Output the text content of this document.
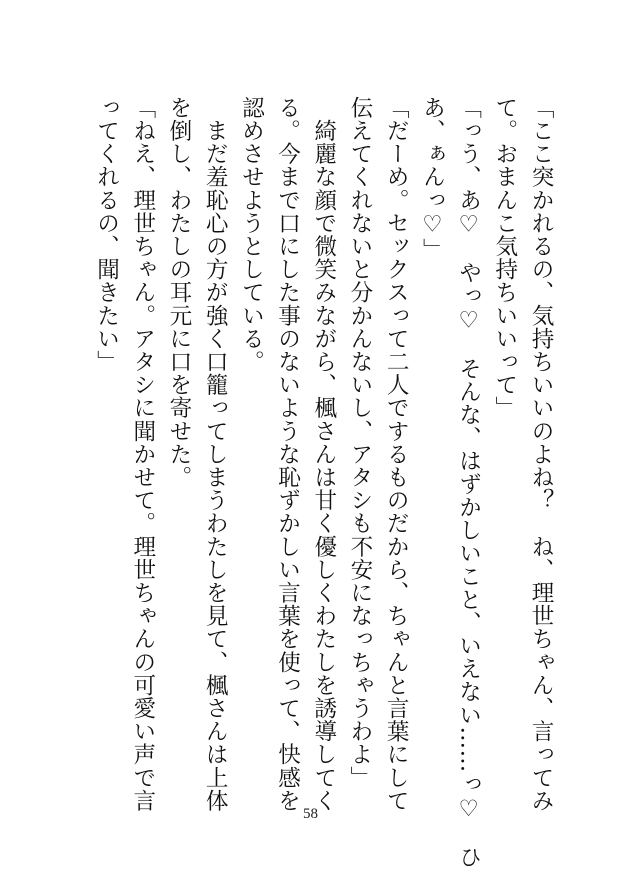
「ここ突かれるの、気持ちいいのよね？　ね、理世ちゃん、言ってみ
て。おまんこ気持ちいいって」
「っう、あ♡　やっ♡　そんな、はずかしいこと、いえない……っ♡　ひ
あ、ぁんっ♡」
「だーめ。セックスって二人でするものだから、ちゃんと言葉にして
伝えてくれないと分かんないし、アタシも不安になっちゃうわよ」
　綺麗な顔で微笑みながら、楓さんは甘く優しくわたしを誘導してく
る。今まで口にした事のないような恥ずかしい言葉を使って、快感を
認めさせようとしている。
　まだ羞恥心の方が強く口籠ってしまうわたしを見て、楓さんは上体
を倒し、わたしの耳元に口を寄せた。
「ねえ、理世ちゃん。アタシに聞かせて。理世ちゃんの可愛い声で言
ってくれるの、聞きたい」
58
